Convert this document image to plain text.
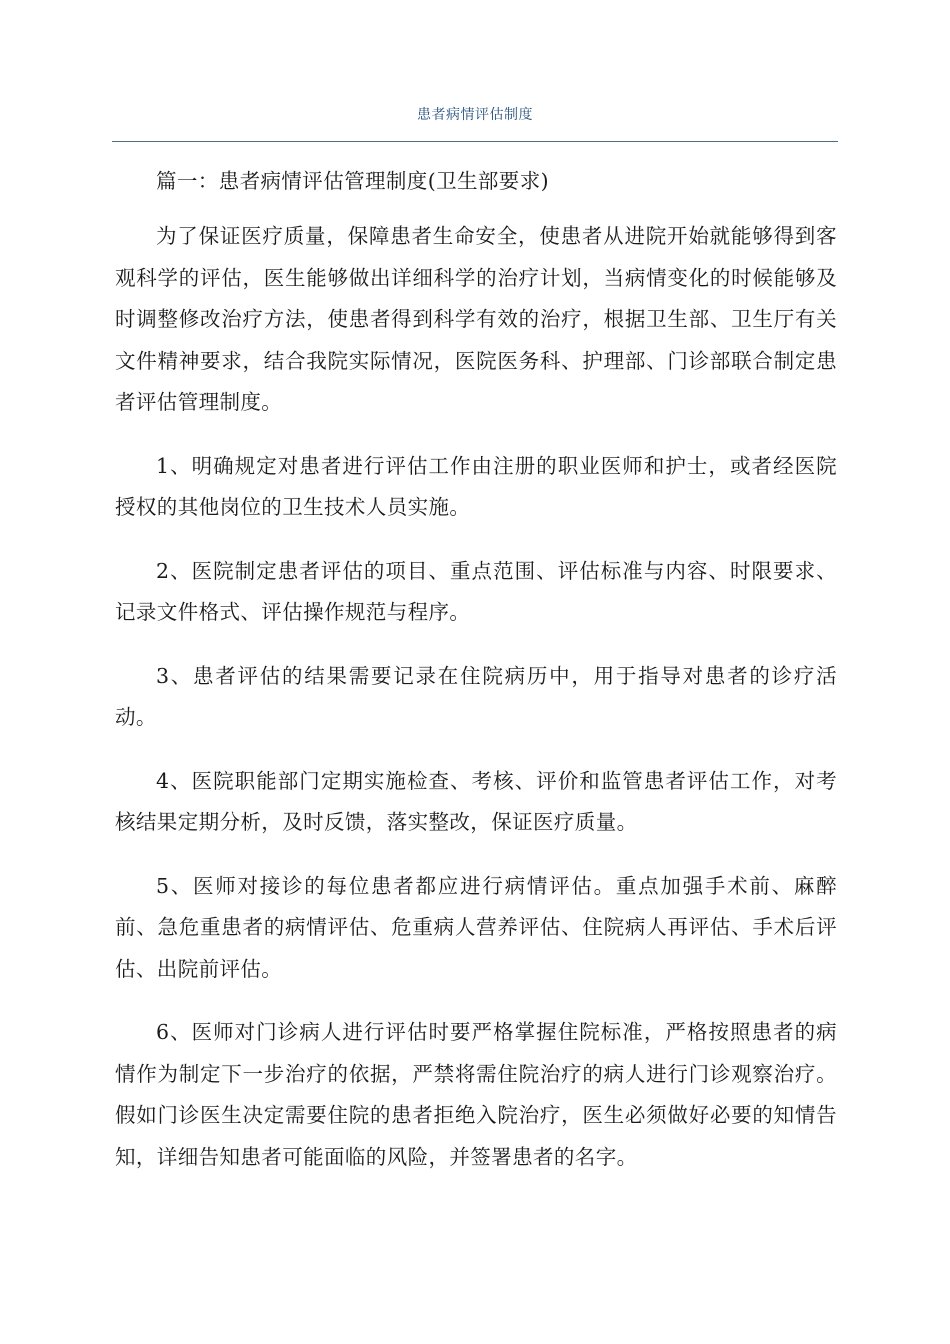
患者病情评估制度

篇一：患者病情评估管理制度(卫生部要求)

为了保证医疗质量，保障患者生命安全，使患者从进院开始就能够得到客观科学的评估，医生能够做出详细科学的治疗计划，当病情变化的时候能够及时调整修改治疗方法，使患者得到科学有效的治疗，根据卫生部、卫生厅有关文件精神要求，结合我院实际情况，医院医务科、护理部、门诊部联合制定患者评估管理制度。

1、明确规定对患者进行评估工作由注册的职业医师和护士，或者经医院授权的其他岗位的卫生技术人员实施。

2、医院制定患者评估的项目、重点范围、评估标准与内容、时限要求、记录文件格式、评估操作规范与程序。

3、患者评估的结果需要记录在住院病历中，用于指导对患者的诊疗活动。

4、医院职能部门定期实施检查、考核、评价和监管患者评估工作，对考核结果定期分析，及时反馈，落实整改，保证医疗质量。

5、医师对接诊的每位患者都应进行病情评估。重点加强手术前、麻醉前、急危重患者的病情评估、危重病人营养评估、住院病人再评估、手术后评估、出院前评估。

6、医师对门诊病人进行评估时要严格掌握住院标准，严格按照患者的病情作为制定下一步治疗的依据，严禁将需住院治疗的病人进行门诊观察治疗。假如门诊医生决定需要住院的患者拒绝入院治疗，医生必须做好必要的知情告知，详细告知患者可能面临的风险，并签署患者的名字。
